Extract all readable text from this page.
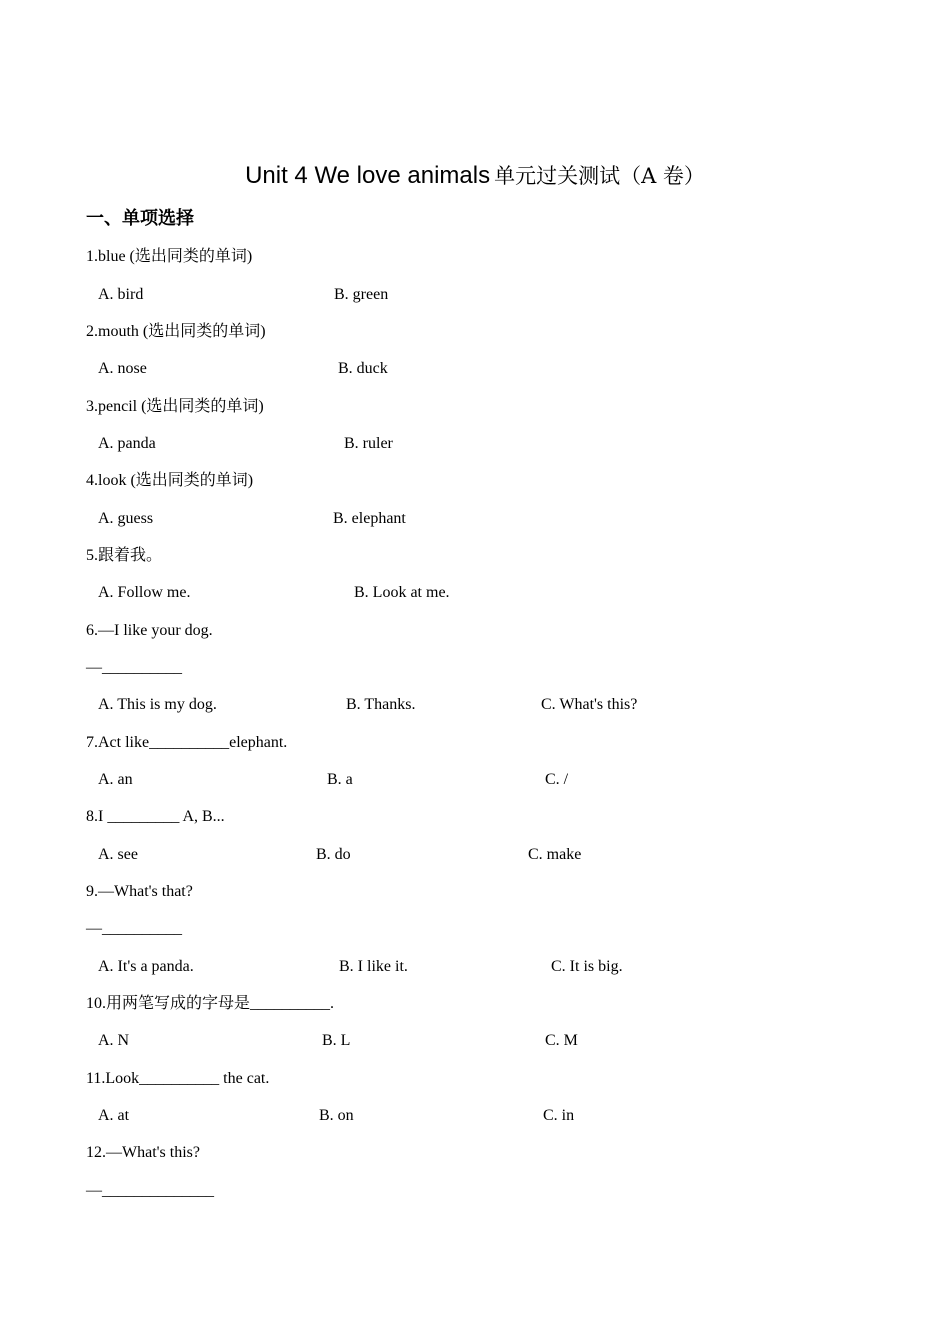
Unit 4 We love animals 单元过关测试（A 卷）
一、单项选择
1.blue (选出同类的单词)
A. bird	B. green
2.mouth (选出同类的单词)
A. nose	B. duck
3.pencil (选出同类的单词)
A. panda	B. ruler
4.look (选出同类的单词)
A. guess	B. elephant
5.跟着我。
A. Follow me.	B. Look at me.
6.—I like your dog.
—__________
A. This is my dog.	B. Thanks.	C. What's this?
7.Act like__________elephant.
A. an	B. a	C. /
8.I _________ A, B...
A. see	B. do	C. make
9.—What's that?
—__________
A. It's a panda.	B. I like it.	C. It is big.
10.用两笔写成的字母是__________.
A. N	B. L	C. M
11.Look__________ the cat.
A. at	B. on	C. in
12.—What's this?
—______________
